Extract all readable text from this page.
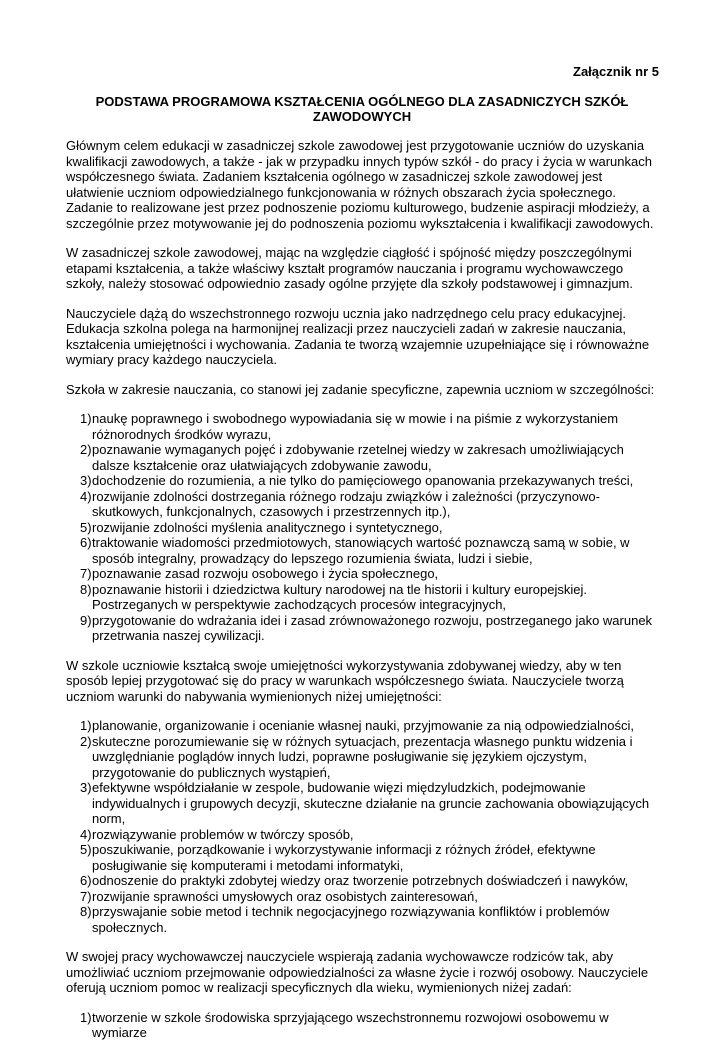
Załącznik nr 5
PODSTAWA PROGRAMOWA KSZTAŁCENIA OGÓLNEGO DLA ZASADNICZYCH SZKÓŁ ZAWODOWYCH

Głównym celem edukacji w zasadniczej szkole zawodowej jest przygotowanie uczniów do uzyskania kwalifikacji zawodowych, a także - jak w przypadku innych typów szkół - do pracy i życia w warunkach współczesnego świata. Zadaniem kształcenia ogólnego w zasadniczej szkole zawodowej jest ułatwienie uczniom odpowiedzialnego funkcjonowania w różnych obszarach życia społecznego. Zadanie to realizowane jest przez podnoszenie poziomu kulturowego, budzenie aspiracji młodzieży, a szczególnie przez motywowanie jej do podnoszenia poziomu wykształcenia i kwalifikacji zawodowych.

W zasadniczej szkole zawodowej, mając na względzie ciągłość i spójność między poszczególnymi etapami kształcenia, a także właściwy kształt programów nauczania i programu wychowawczego szkoły, należy stosować odpowiednio zasady ogólne przyjęte dla szkoły podstawowej i gimnazjum.

Nauczyciele dążą do wszechstronnego rozwoju ucznia jako nadrzędnego celu pracy edukacyjnej. Edukacja szkolna polega na harmonijnej realizacji przez nauczycieli zadań w zakresie nauczania, kształcenia umiejętności i wychowania. Zadania te tworzą wzajemnie uzupełniające się i równoważne wymiary pracy każdego nauczyciela.

Szkoła w zakresie nauczania, co stanowi jej zadanie specyficzne, zapewnia uczniom w szczególności:

1) naukę poprawnego i swobodnego wypowiadania się w mowie i na piśmie z wykorzystaniem różnorodnych środków wyrazu,
2) poznawanie wymaganych pojęć i zdobywanie rzetelnej wiedzy w zakresach umożliwiających dalsze kształcenie oraz ułatwiających zdobywanie zawodu,
3) dochodzenie do rozumienia, a nie tylko do pamięciowego opanowania przekazywanych treści,
4) rozwijanie zdolności dostrzegania różnego rodzaju związków i zależności (przyczynowo-skutkowych, funkcjonalnych, czasowych i przestrzennych itp.),
5) rozwijanie zdolności myślenia analitycznego i syntetycznego,
6) traktowanie wiadomości przedmiotowych, stanowiących wartość poznawczą samą w sobie, w sposób integralny, prowadzący do lepszego rozumienia świata, ludzi i siebie,
7) poznawanie zasad rozwoju osobowego i życia społecznego,
8) poznawanie historii i dziedzictwa kultury narodowej na tle historii i kultury europejskiej. Postrzeganych w perspektywie zachodzących procesów integracyjnych,
9) przygotowanie do wdrażania idei i zasad zrównoważonego rozwoju, postrzeganego jako warunek przetrwania naszej cywilizacji.

W szkole uczniowie kształcą swoje umiejętności wykorzystywania zdobywanej wiedzy, aby w ten sposób lepiej przygotować się do pracy w warunkach współczesnego świata. Nauczyciele tworzą uczniom warunki do nabywania wymienionych niżej umiejętności:

1) planowanie, organizowanie i ocenianie własnej nauki, przyjmowanie za nią odpowiedzialności,
2) skuteczne porozumiewanie się w różnych sytuacjach, prezentacja własnego punktu widzenia i uwzględnianie poglądów innych ludzi, poprawne posługiwanie się językiem ojczystym, przygotowanie do publicznych wystąpień,
3) efektywne współdziałanie w zespole, budowanie więzi międzyludzkich, podejmowanie indywidualnych i grupowych decyzji, skuteczne działanie na gruncie zachowania obowiązujących norm,
4) rozwiązywanie problemów w twórczy sposób,
5) poszukiwanie, porządkowanie i wykorzystywanie informacji z różnych źródeł, efektywne posługiwanie się komputerami i metodami informatyki,
6) odnoszenie do praktyki zdobytej wiedzy oraz tworzenie potrzebnych doświadczeń i nawyków,
7) rozwijanie sprawności umysłowych oraz osobistych zainteresowań,
8) przyswajanie sobie metod i technik negocjacyjnego rozwiązywania konfliktów i problemów społecznych.

W swojej pracy wychowawczej nauczyciele wspierają zadania wychowawcze rodziców tak, aby umożliwiać uczniom przejmowanie odpowiedzialności za własne życie i rozwój osobowy. Nauczyciele oferują uczniom pomoc w realizacji specyficznych dla wieku, wymienionych niżej zadań:

1) tworzenie w szkole środowiska sprzyjającego wszechstronnemu rozwojowi osobowemu w wymiarze
